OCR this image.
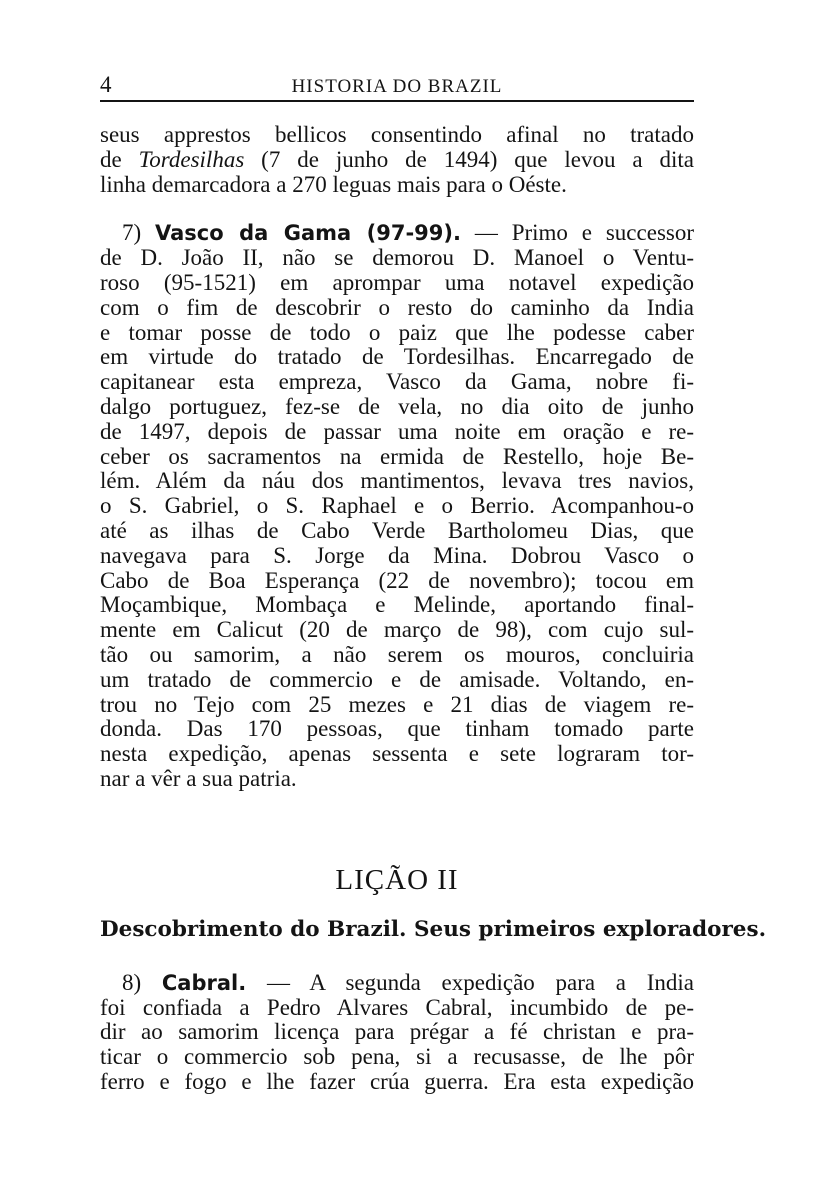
4	HISTORIA DO BRAZIL
seus apprestos bellicos consentindo afinal no tratado
de Tordesilhas (7 de junho de 1494) que levou a dita
linha demarcadora a 270 leguas mais para o Oéste.
7) Vasco da Gama (97-99). — Primo e successor
de D. João II, não se demorou D. Manoel o Ventu-
roso (95-1521) em aprompar uma notavel expedição
com o fim de descobrir o resto do caminho da India
e tomar posse de todo o paiz que lhe podesse caber
em virtude do tratado de Tordesilhas. Encarregado de
capitanear esta empreza, Vasco da Gama, nobre fi-
dalgo portuguez, fez-se de vela, no dia oito de junho
de 1497, depois de passar uma noite em oração e re-
ceber os sacramentos na ermida de Restello, hoje Be-
lém. Além da náu dos mantimentos, levava tres navios,
o S. Gabriel, o S. Raphael e o Berrio. Acompanhou-o
até as ilhas de Cabo Verde Bartholomeu Dias, que
navegava para S. Jorge da Mina. Dobrou Vasco o
Cabo de Boa Esperança (22 de novembro); tocou em
Moçambique, Mombaça e Melinde, aportando final-
mente em Calicut (20 de março de 98), com cujo sul-
tão ou samorim, a não serem os mouros, concluiria
um tratado de commercio e de amisade. Voltando, en-
trou no Tejo com 25 mezes e 21 dias de viagem re-
donda. Das 170 pessoas, que tinham tomado parte
nesta expedição, apenas sessenta e sete lograram tor-
nar a vêr a sua patria.
LIÇÃO II
Descobrimento do Brazil. Seus primeiros exploradores.
8) Cabral. — A segunda expedição para a India
foi confiada a Pedro Alvares Cabral, incumbido de pe-
dir ao samorim licença para prégar a fé christan e pra-
ticar o commercio sob pena, si a recusasse, de lhe pôr
ferro e fogo e lhe fazer crúa guerra. Era esta expedição
